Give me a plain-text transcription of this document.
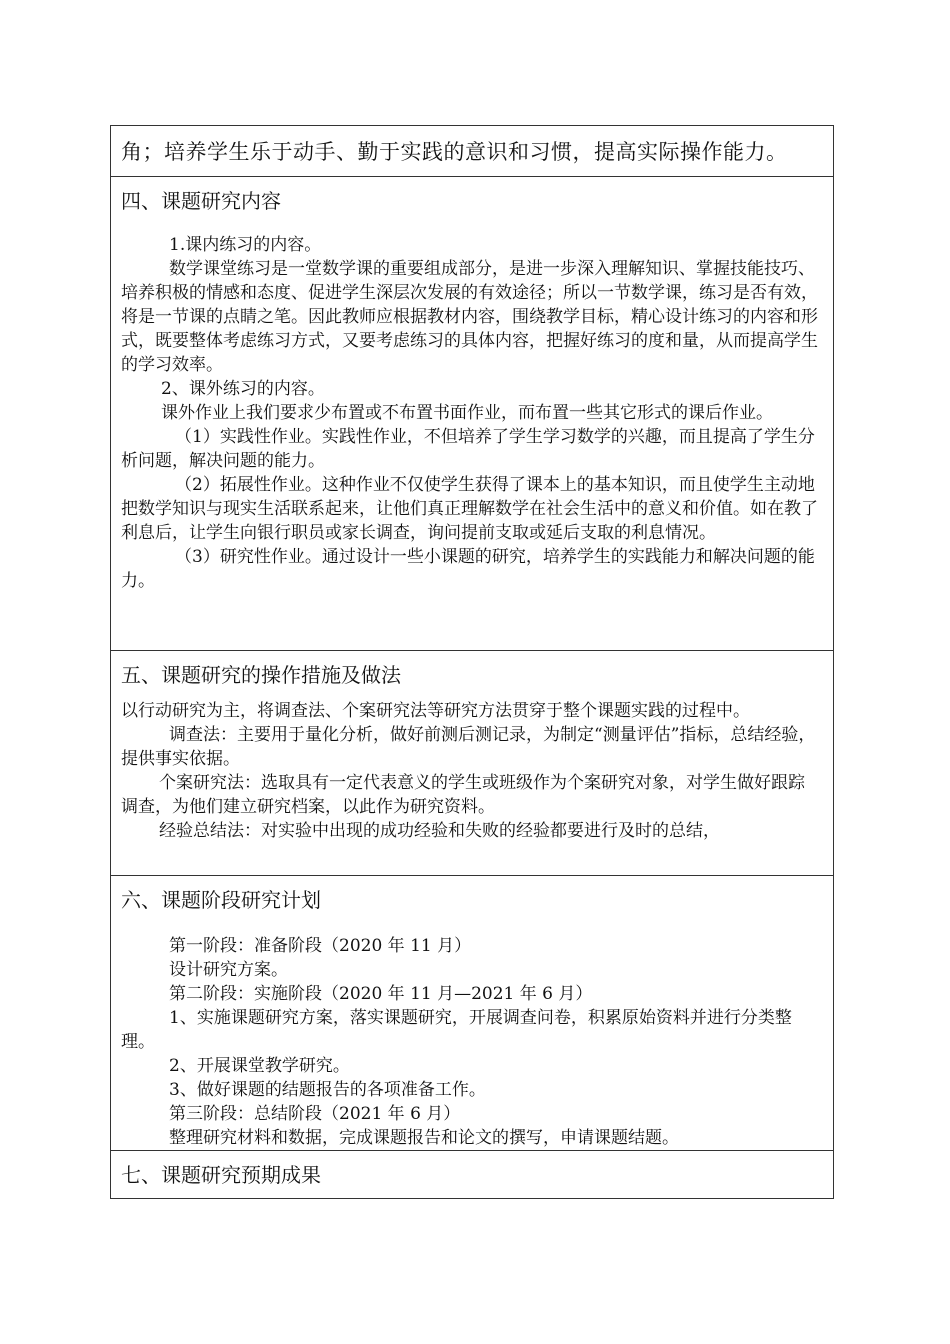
角；培养学生乐于动手、勤于实践的意识和习惯，提高实际操作能力。
四、课题研究内容

1.课内练习的内容。

数学课堂练习是一堂数学课的重要组成部分，是进一步深入理解知识、掌握技能技巧、培养积极的情感和态度、促进学生深层次发展的有效途径；所以一节数学课，练习是否有效，将是一节课的点睛之笔。因此教师应根据教材内容，围绕教学目标，精心设计练习的内容和形式，既要整体考虑练习方式，又要考虑练习的具体内容，把握好练习的度和量，从而提高学生的学习效率。

2、课外练习的内容。

课外作业上我们要求少布置或不布置书面作业，而布置一些其它形式的课后作业。

（1）实践性作业。实践性作业，不但培养了学生学习数学的兴趣，而且提高了学生分析问题，解决问题的能力。

（2）拓展性作业。这种作业不仅使学生获得了课本上的基本知识，而且使学生主动地把数学知识与现实生活联系起来，让他们真正理解数学在社会生活中的意义和价值。如在教了利息后，让学生向银行职员或家长调查，询问提前支取或延后支取的利息情况。

（3）研究性作业。通过设计一些小课题的研究，培养学生的实践能力和解决问题的能力。

五、课题研究的操作措施及做法

以行动研究为主，将调查法、个案研究法等研究方法贯穿于整个课题实践的过程中。

调查法：主要用于量化分析，做好前测后测记录，为制定“测量评估”指标，总结经验，提供事实依据。

个案研究法：选取具有一定代表意义的学生或班级作为个案研究对象，对学生做好跟踪调查，为他们建立研究档案，以此作为研究资料。

经验总结法：对实验中出现的成功经验和失败的经验都要进行及时的总结，

六、课题阶段研究计划

第一阶段：准备阶段（2020 年 11 月）

设计研究方案。

第二阶段：实施阶段（2020 年 11 月—2021 年 6 月）

1、实施课题研究方案，落实课题研究，开展调查问卷，积累原始资料并进行分类整理。

2、开展课堂教学研究。

3、做好课题的结题报告的各项准备工作。

第三阶段：总结阶段（2021 年 6 月）

整理研究材料和数据，完成课题报告和论文的撰写，申请课题结题。

七、课题研究预期成果
